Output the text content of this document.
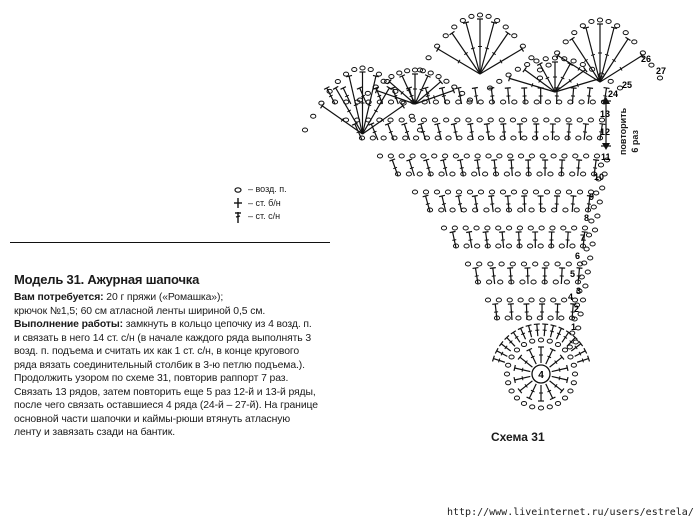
1
2
3
4
5
6
7
8
9
10
11
12
13
24
25
26
27
4
– возд. п.
– ст. б/н
– ст. с/н
Модель 31. Ажурная шапочка

Вам потребуется: 20 г пряжи («Ромашка»);

крючок №1,5; 60 см атласной ленты шириной 0,5 см.

Выполнение работы: замкнуть в кольцо цепочку из 4 возд. п. и связать в него 14 ст. с/н (в начале каждого ряда выполнять 3 возд. п. подъема и считать их как 1 ст. с/н, в конце кругового ряда вязать соединительный столбик в 3-ю петлю подъема.). Продолжить узором по схеме 31, повторив раппорт 7 раз. Связать 13 рядов, затем повторить еще 5 раз 12-й и 13-й ряды, после чего связать оставшиеся 4 ряда (24-й – 27-й). На границе основной части шапочки и каймы-рюши втянуть атласную ленту и завязать сзади на бантик.

повторить 6 раз
Схема 31
http://www.liveinternet.ru/users/estrela/
